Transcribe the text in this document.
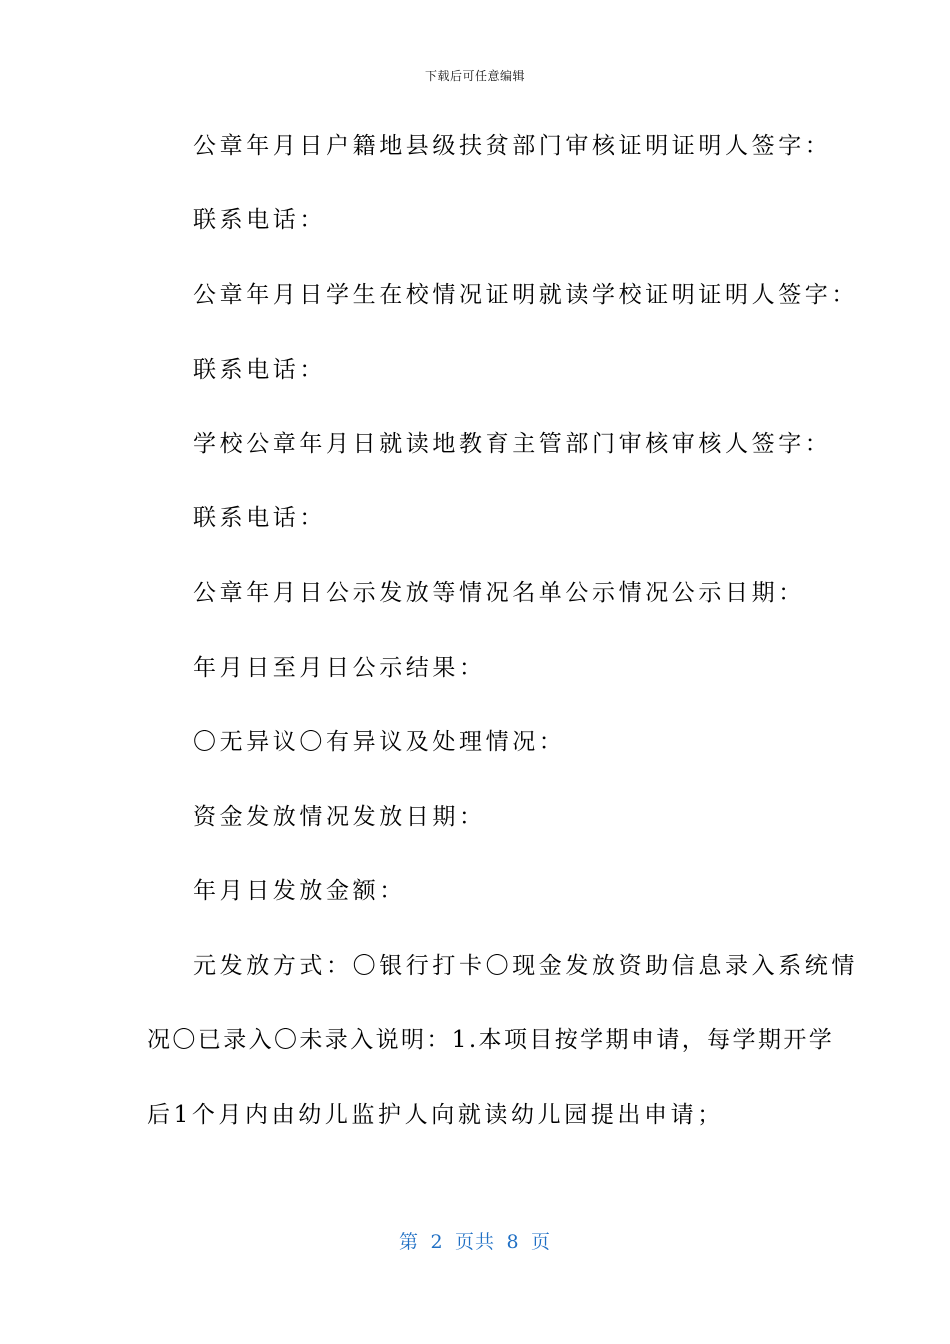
下载后可任意编辑
公章年月日户籍地县级扶贫部门审核证明证明人签字：
联系电话：
公章年月日学生在校情况证明就读学校证明证明人签字：
联系电话：
学校公章年月日就读地教育主管部门审核审核人签字：
联系电话：
公章年月日公示发放等情况名单公示情况公示日期：
年月日至月日公示结果：
〇无异议〇有异议及处理情况：
资金发放情况发放日期：
年月日发放金额：
元发放方式：〇银行打卡〇现金发放资助信息录入系统情
况〇已录入〇未录入说明：1.本项目按学期申请，每学期开学
后1个月内由幼儿监护人向就读幼儿园提出申请；
第 2 页共 8 页
